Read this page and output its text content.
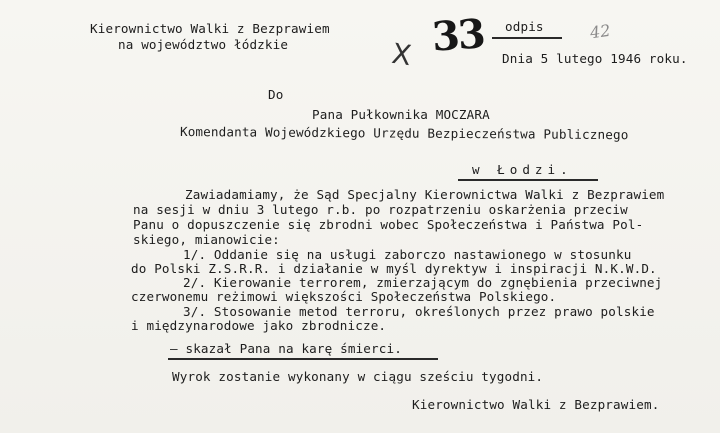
Kierownictwo Walki z Bezprawiem
na województwo łódzkie	X 33	42
odpis
Dnia 5 lutego 1946 roku.
Do
Pana Pułkownika MOCZARA
Komendanta Wojewódzkiego Urzędu Bezpieczeństwa Publicznego
w Łodzi.
Zawiadamiamy, że Sąd Specjalny Kierownictwa Walki z Bezprawiem
na sesji w dniu 3 lutego r.b. po rozpatrzeniu oskarżenia przeciw
Panu o dopuszczenie się zbrodni wobec Społeczeństwa i Państwa Pol-
skiego, mianowicie:
1/. Oddanie się na usługi zaborczo nastawionego w stosunku
do Polski Z.S.R.R. i działanie w myśl dyrektyw i inspiracji N.K.W.D.
2/. Kierowanie terrorem, zmierzającym do zgnębienia przeciwnej
czerwonemu reżimowi większości Społeczeństwa Polskiego.
3/. Stosowanie metod terroru, określonych przez prawo polskie
i międzynarodowe jako zbrodnicze.
– skazał Pana na karę śmierci.
Wyrok zostanie wykonany w ciągu sześciu tygodni.
Kierownictwo Walki z Bezprawiem.
